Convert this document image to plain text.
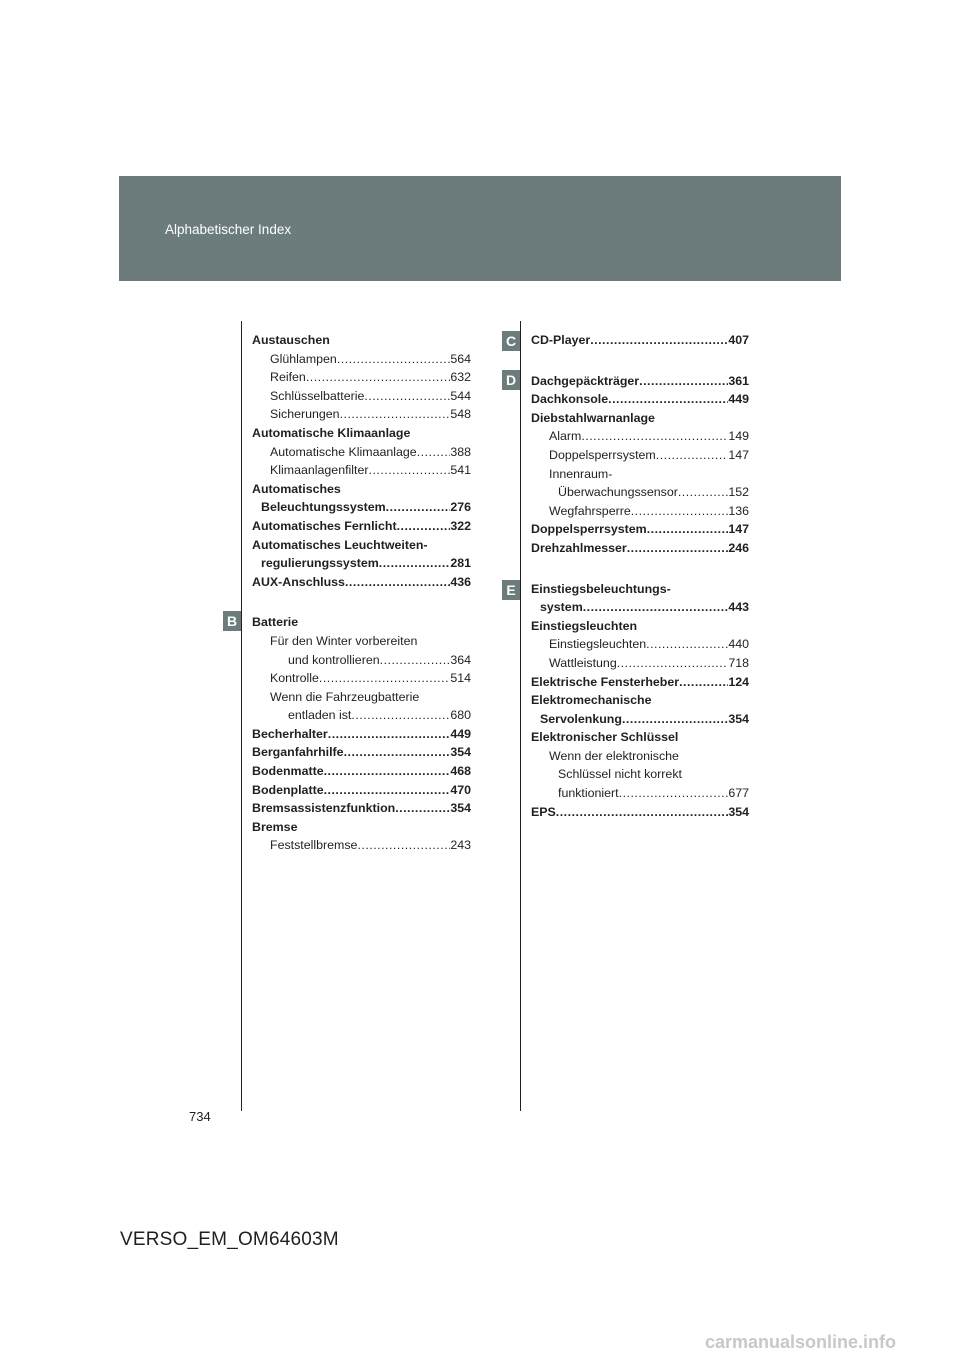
Alphabetischer Index
B
C
D
E
Austauschen
Glühlampen .....	564
Reifen .....	632
Schlüsselbatterie .....	544
Sicherungen .....	548
Automatische Klimaanlage
Automatische Klimaanlage .....	388
Klimaanlagenfilter .....	541
Automatisches
Beleuchtungssystem .....	276
Automatisches Fernlicht .....	322
Automatisches Leuchtweiten-
regulierungssystem .....	281
AUX-Anschluss .....	436
Batterie
Für den Winter vorbereiten
und kontrollieren .....	364
Kontrolle .....	514
Wenn die Fahrzeugbatterie
entladen ist .....	680
Becherhalter .....	449
Berganfahrhilfe .....	354
Bodenmatte .....	468
Bodenplatte .....	470
Bremsassistenzfunktion .....	354
Bremse
Feststellbremse .....	243
CD-Player .....	407
Dachgepäckträger .....	361
Dachkonsole .....	449
Diebstahlwarnanlage
Alarm .....	149
Doppelsperrsystem .....	147
Innenraum-
Überwachungssensor .....	152
Wegfahrsperre .....	136
Doppelsperrsystem .....	147
Drehzahlmesser .....	246
Einstiegsbeleuchtungs-
system .....	443
Einstiegsleuchten
Einstiegsleuchten .....	440
Wattleistung .....	718
Elektrische Fensterheber .....	124
Elektromechanische
Servolenkung .....	354
Elektronischer Schlüssel
Wenn der elektronische
Schlüssel nicht korrekt
funktioniert .....	677
EPS .....	354
734
VERSO_EM_OM64603M
carmanualsonline.info
